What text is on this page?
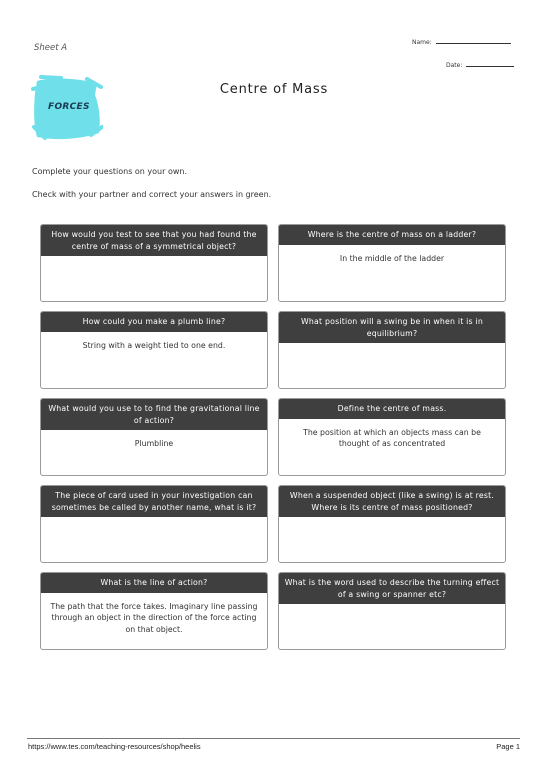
Sheet A
Name:
Date:
FORCES
Centre of Mass
Complete your questions on your own.
Check with your partner and correct your answers in green.
How would you test to see that you had found the centre of mass of a symmetrical object?
Where is the centre of mass on a ladder?
In the middle of the ladder
How could you make a plumb line?
String with a weight tied to one end.
What position will a swing be in when it is in equilibrium?
What would you use to to find the gravitational line of action?
Plumbline
Define the centre of mass.
The position at which an objects mass can be thought of as concentrated
The piece of card used in your investigation can sometimes be called by another name, what is it?
When a suspended object (like a swing) is at rest. Where is its centre of mass positioned?
What is the line of action?
The path that the force takes. Imaginary line passing through an object in the direction of the force acting on that object.
What is the word used to describe the turning effect of a swing or spanner etc?
https://www.tes.com/teaching-resources/shop/heelis	Page 1
